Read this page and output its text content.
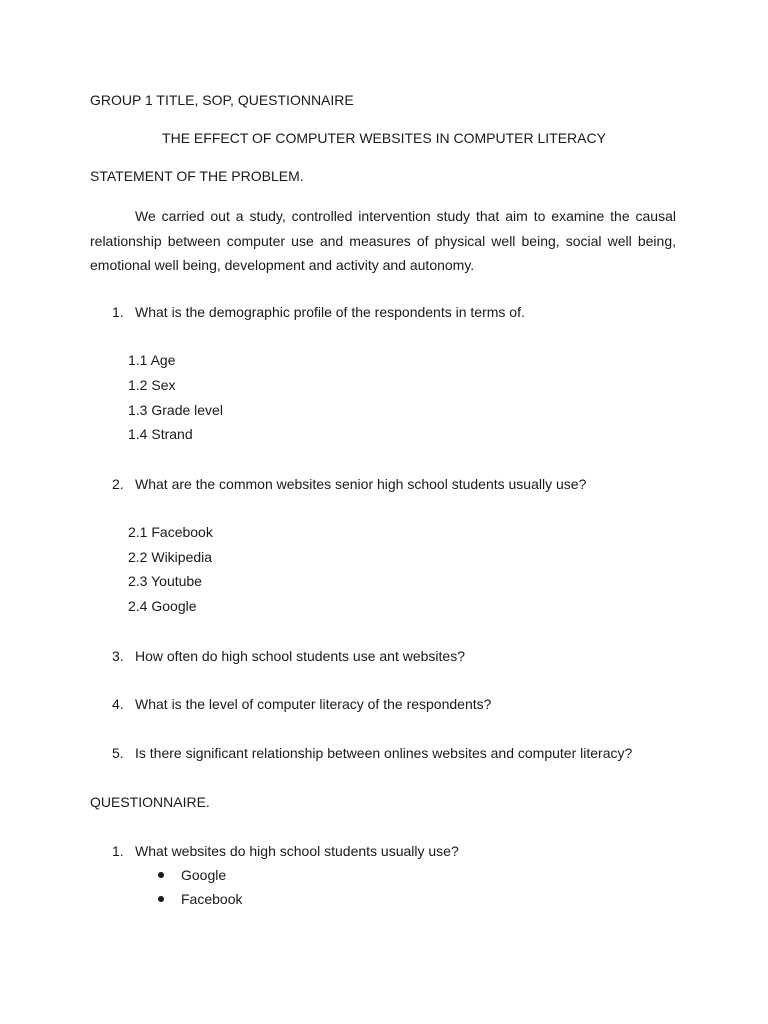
GROUP 1 TITLE, SOP, QUESTIONNAIRE
THE EFFECT OF COMPUTER WEBSITES IN COMPUTER LITERACY
STATEMENT OF THE PROBLEM.
We carried out a study, controlled intervention study that aim to examine the causal relationship between computer use and measures of physical well being, social well being, emotional well being, development and activity and autonomy.
1. What is the demographic profile of the respondents in terms of.
1.1 Age
1.2 Sex
1.3 Grade level
1.4 Strand
2. What are the common websites senior high school students usually use?
2.1 Facebook
2.2 Wikipedia
2.3 Youtube
2.4 Google
3. How often do high school students use ant websites?
4. What is the level of computer literacy of the respondents?
5. Is there significant relationship between onlines websites and computer literacy?
QUESTIONNAIRE.
1. What websites do high school students usually use?
Google
Facebook
